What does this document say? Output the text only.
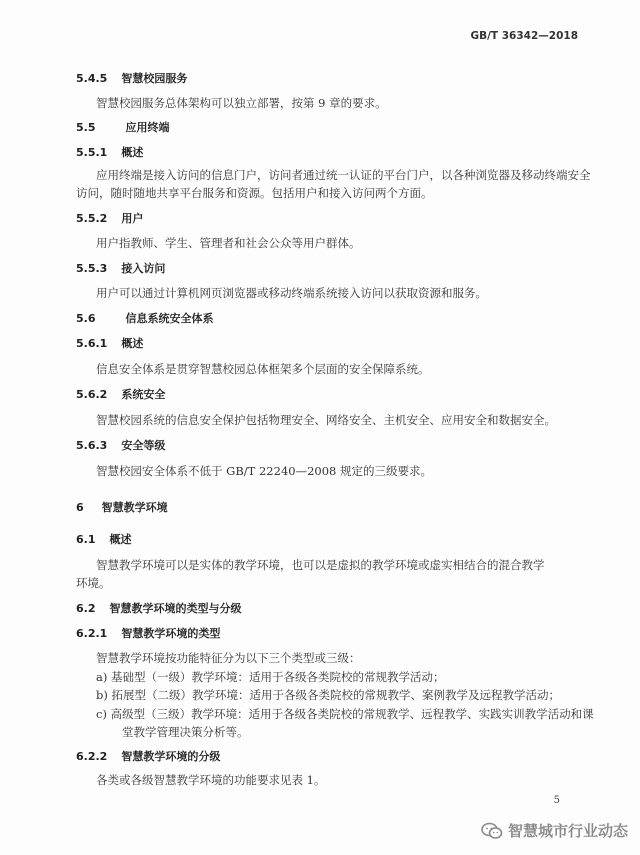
GB/T 36342—2018
5.4.5 智慧校园服务
智慧校园服务总体架构可以独立部署，按第 9 章的要求。
5.5	应用终端
5.5.1 概述
应用终端是接入访问的信息门户，访问者通过统一认证的平台门户，以各种浏览器及移动终端安全
访问，随时随地共享平台服务和资源。包括用户和接入访问两个方面。
5.5.2 用户
用户指教师、学生、管理者和社会公众等用户群体。
5.5.3 接入访问
用户可以通过计算机网页浏览器或移动终端系统接入访问以获取资源和服务。
5.6	信息系统安全体系
5.6.1 概述
信息安全体系是贯穿智慧校园总体框架多个层面的安全保障系统。
5.6.2 系统安全
智慧校园系统的信息安全保护包括物理安全、网络安全、主机安全、应用安全和数据安全。
5.6.3 安全等级
智慧校园安全体系不低于 GB/T 22240—2008 规定的三级要求。
6 智慧教学环境
6.1 概述
智慧教学环境可以是实体的教学环境，也可以是虚拟的教学环境或虚实相结合的混合教学
环境。
6.2 智慧教学环境的类型与分级
6.2.1 智慧教学环境的类型
智慧教学环境按功能特征分为以下三个类型或三级：
a) 基础型（一级）教学环境：适用于各级各类院校的常规教学活动；
b) 拓展型（二级）教学环境：适用于各级各类院校的常规教学、案例教学及远程教学活动；
c) 高级型（三级）教学环境：适用于各级各类院校的常规教学、远程教学、实践实训教学活动和课
堂教学管理决策分析等。
6.2.2 智慧教学环境的分级
各类或各级智慧教学环境的功能要求见表 1。
5
智慧城市行业动态
